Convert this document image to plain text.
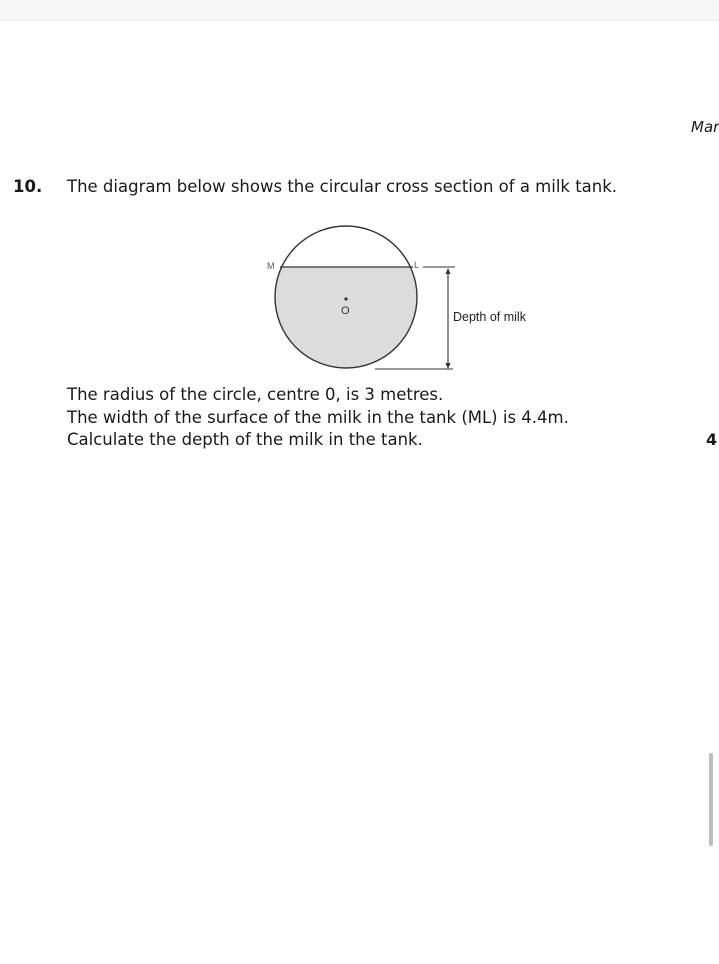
Mar
10. The diagram below shows the circular cross section of a milk tank.
M	L
Depth of milk
O
The radius of the circle, centre 0, is 3 metres.
The width of the surface of the milk in the tank (ML) is 4.4m.
Calculate the depth of the milk in the tank.	4
